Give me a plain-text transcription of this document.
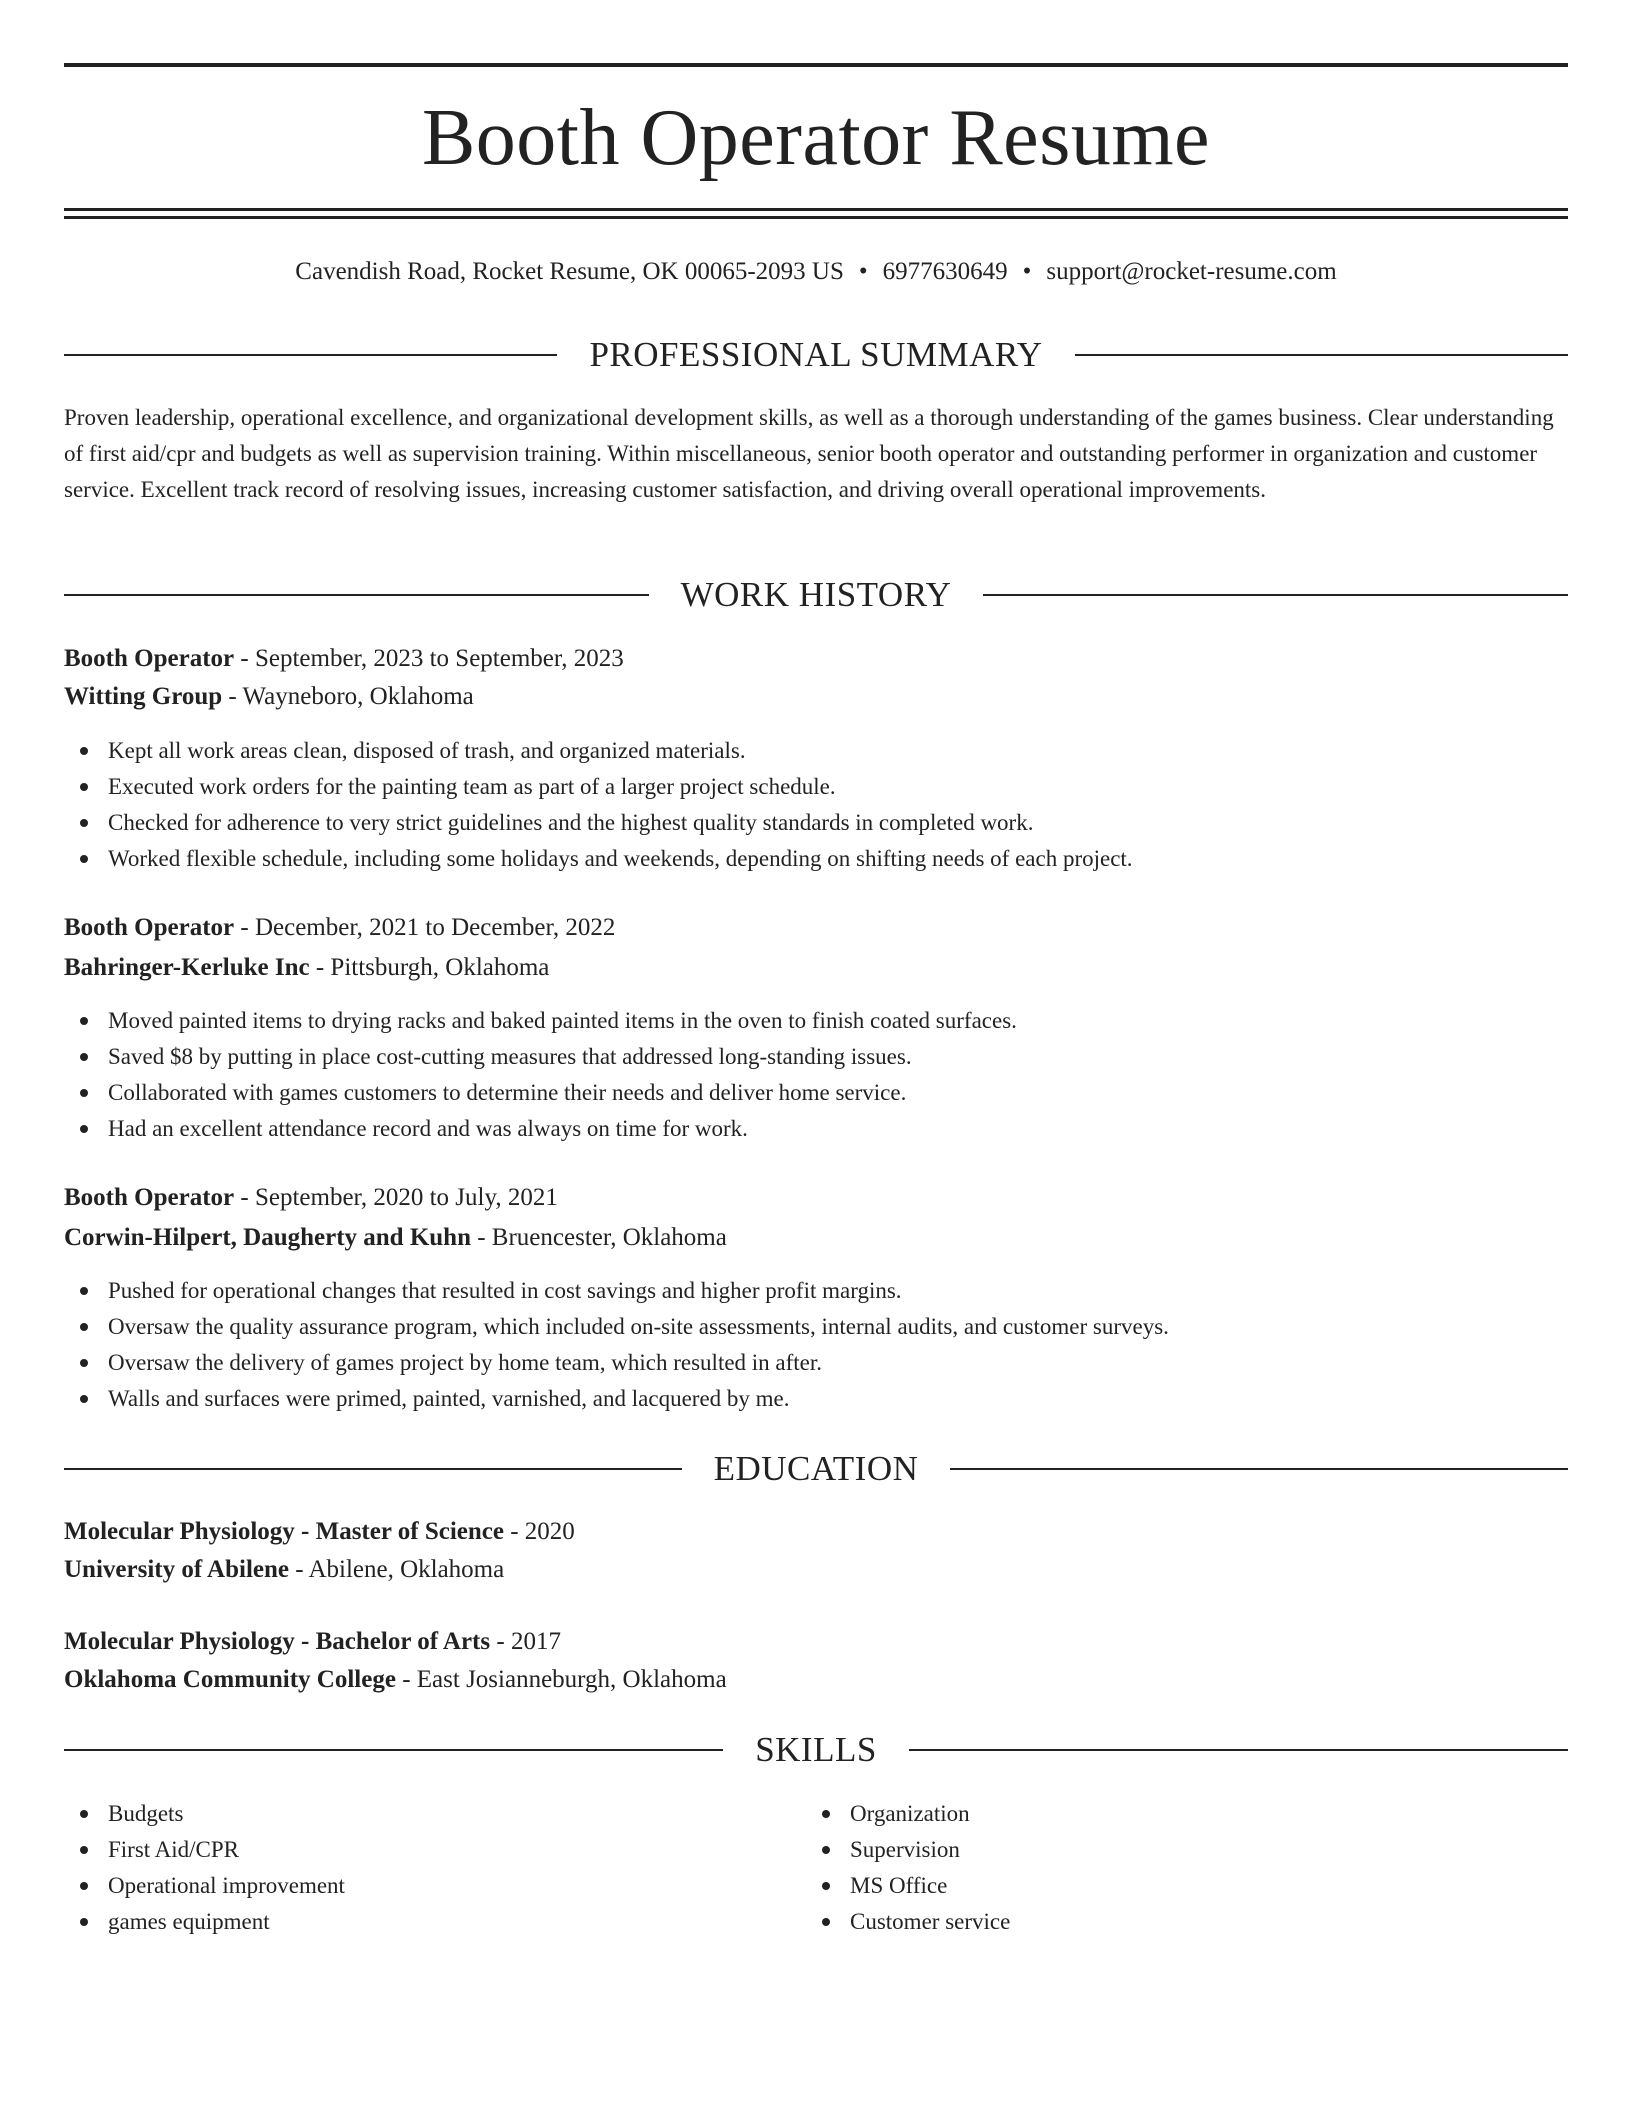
Booth Operator Resume
Cavendish Road, Rocket Resume, OK 00065-2093 US • 6977630649 • support@rocket-resume.com
PROFESSIONAL SUMMARY

Proven leadership, operational excellence, and organizational development skills, as well as a thorough understanding of the games business. Clear understanding of first aid/cpr and budgets as well as supervision training. Within miscellaneous, senior booth operator and outstanding performer in organization and customer service. Excellent track record of resolving issues, increasing customer satisfaction, and driving overall operational improvements.

WORK HISTORY
Booth Operator - September, 2023 to September, 2023
Witting Group - Wayneboro, Oklahoma
Kept all work areas clean, disposed of trash, and organized materials.
Executed work orders for the painting team as part of a larger project schedule.
Checked for adherence to very strict guidelines and the highest quality standards in completed work.
Worked flexible schedule, including some holidays and weekends, depending on shifting needs of each project.
Booth Operator - December, 2021 to December, 2022
Bahringer-Kerluke Inc - Pittsburgh, Oklahoma
Moved painted items to drying racks and baked painted items in the oven to finish coated surfaces.
Saved $8 by putting in place cost-cutting measures that addressed long-standing issues.
Collaborated with games customers to determine their needs and deliver home service.
Had an excellent attendance record and was always on time for work.
Booth Operator - September, 2020 to July, 2021
Corwin-Hilpert, Daugherty and Kuhn - Bruencester, Oklahoma
Pushed for operational changes that resulted in cost savings and higher profit margins.
Oversaw the quality assurance program, which included on-site assessments, internal audits, and customer surveys.
Oversaw the delivery of games project by home team, which resulted in after.
Walls and surfaces were primed, painted, varnished, and lacquered by me.
EDUCATION
Molecular Physiology - Master of Science - 2020
University of Abilene - Abilene, Oklahoma
Molecular Physiology - Bachelor of Arts - 2017
Oklahoma Community College - East Josianneburgh, Oklahoma
SKILLS
Budgets
First Aid/CPR
Operational improvement
games equipment
Organization
Supervision
MS Office
Customer service
